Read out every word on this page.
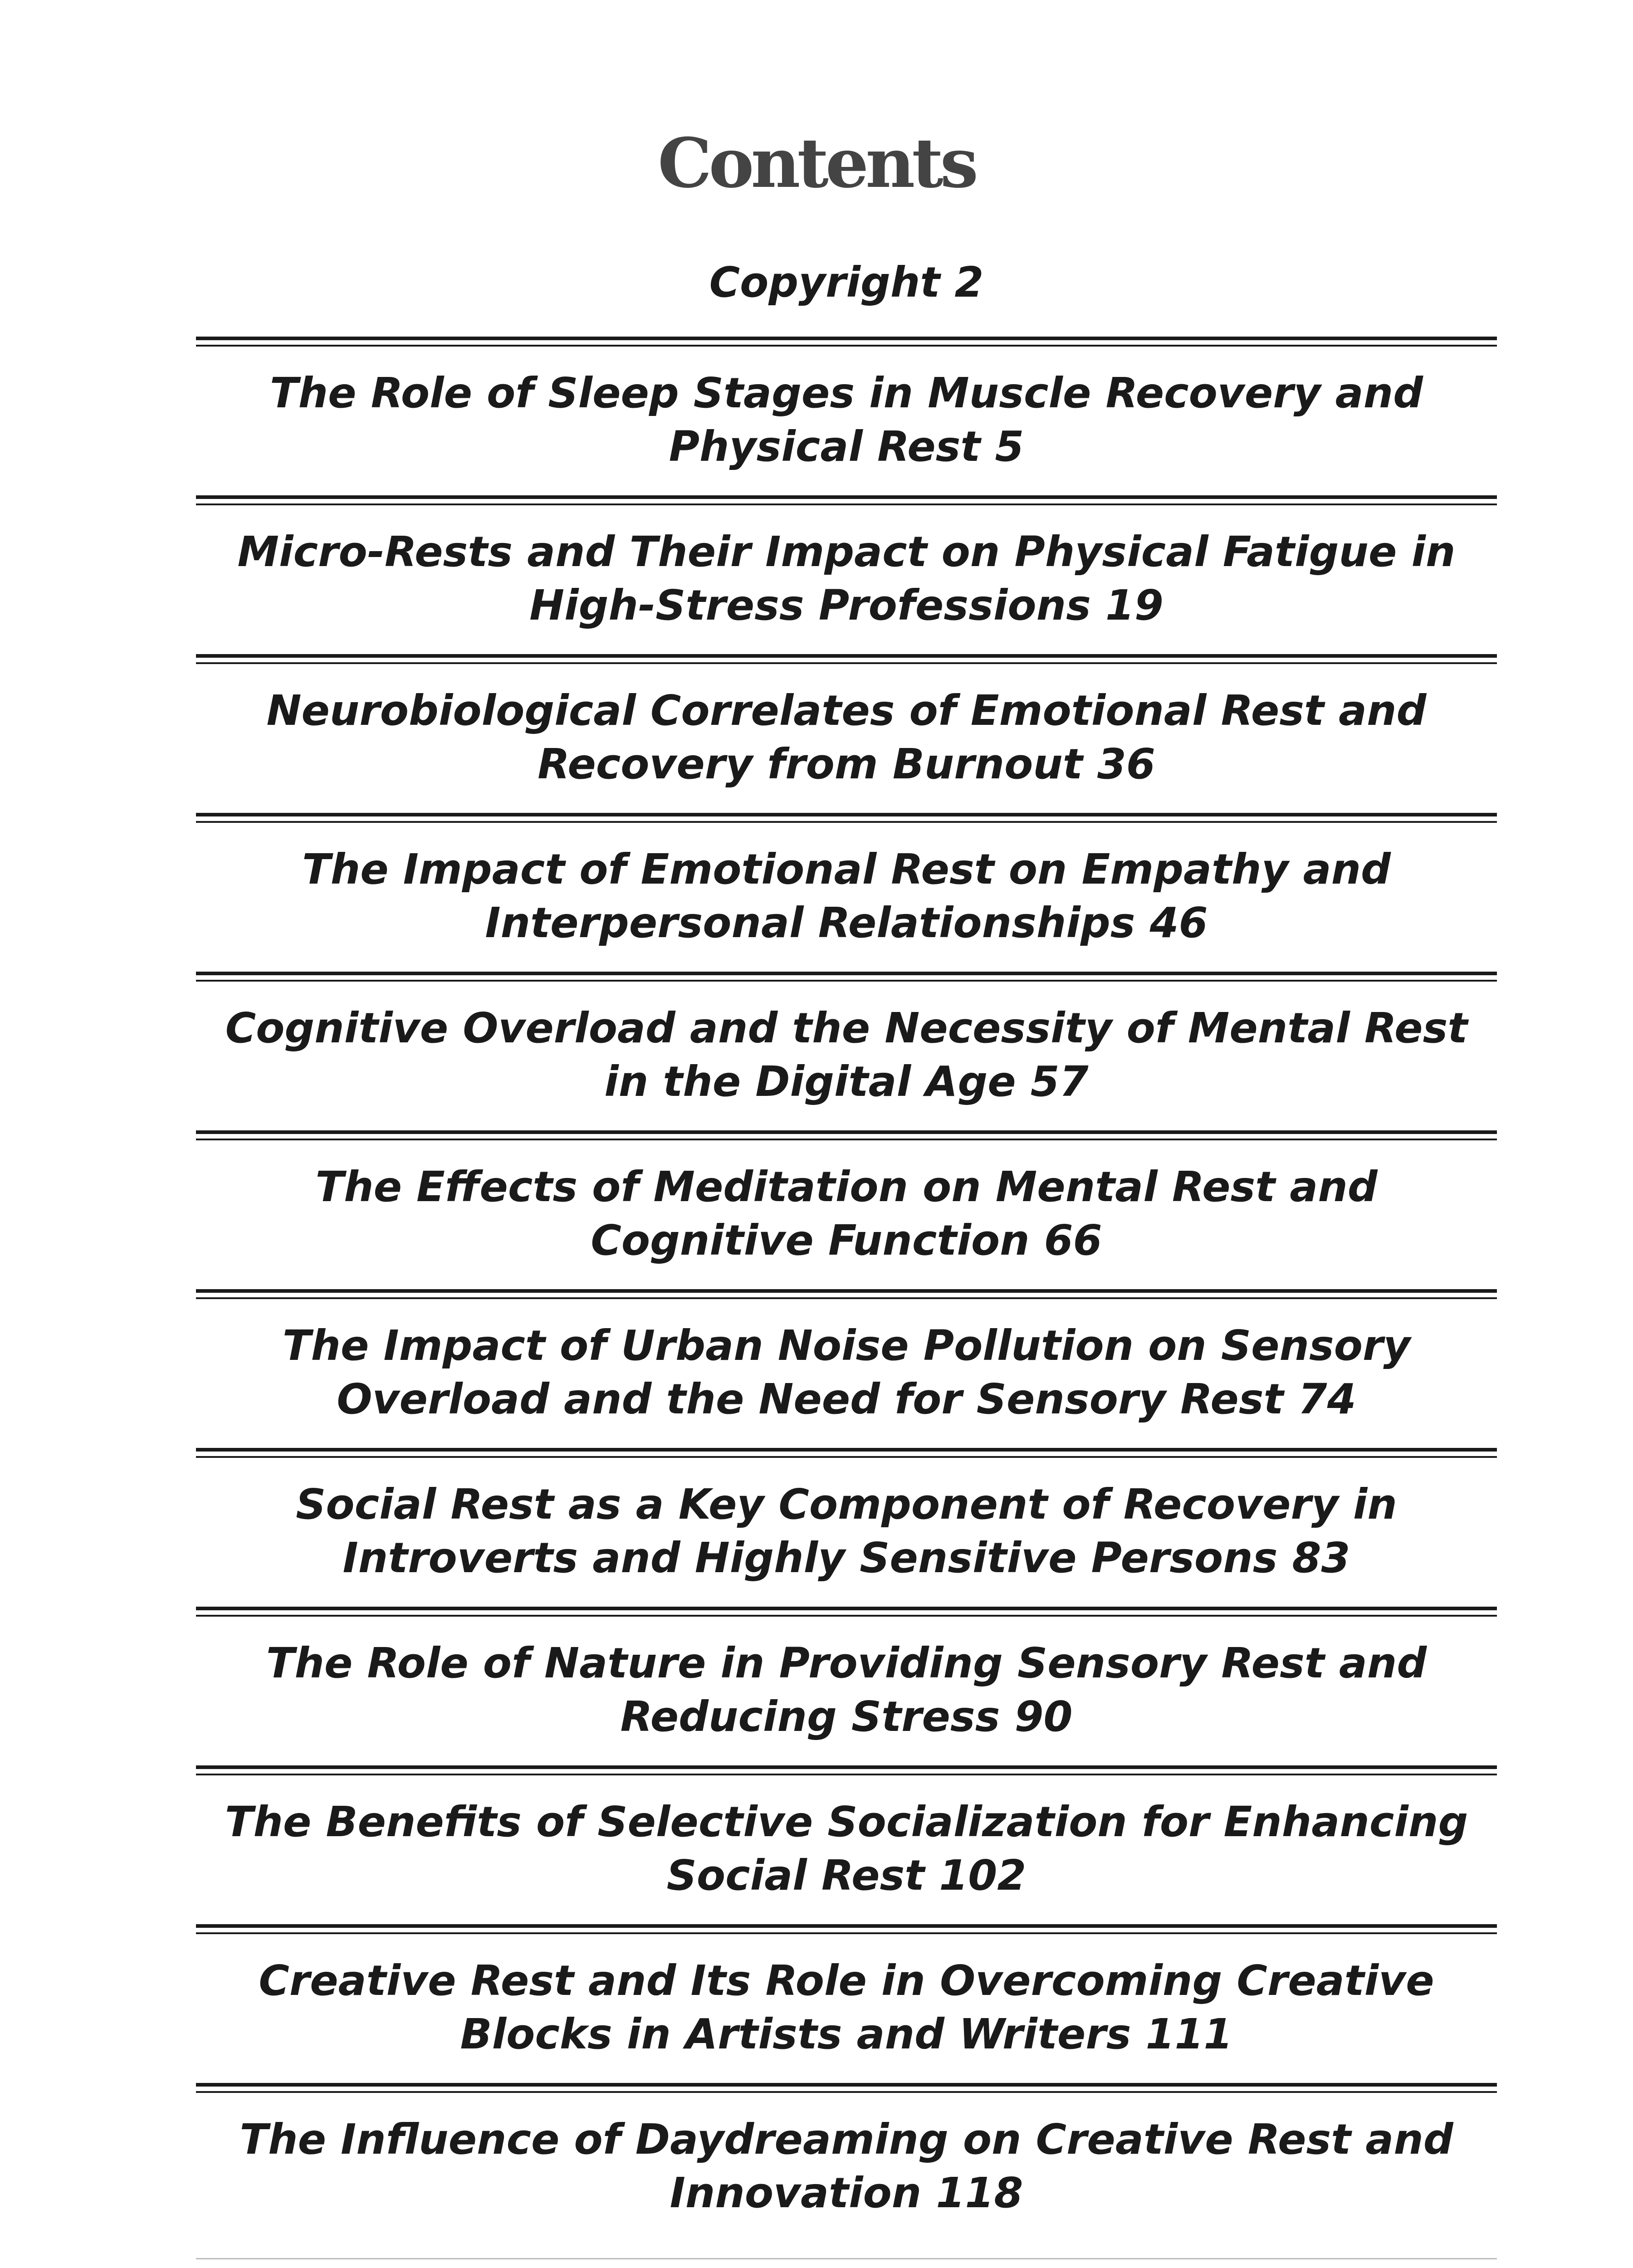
Contents
Copyright 2
The Role of Sleep Stages in Muscle Recovery and Physical Rest 5
Micro-Rests and Their Impact on Physical Fatigue in High-Stress Professions 19
Neurobiological Correlates of Emotional Rest and Recovery from Burnout 36
The Impact of Emotional Rest on Empathy and Interpersonal Relationships 46
Cognitive Overload and the Necessity of Mental Rest in the Digital Age 57
The Effects of Meditation on Mental Rest and Cognitive Function 66
The Impact of Urban Noise Pollution on Sensory Overload and the Need for Sensory Rest 74
Social Rest as a Key Component of Recovery in Introverts and Highly Sensitive Persons 83
The Role of Nature in Providing Sensory Rest and Reducing Stress 90
The Benefits of Selective Socialization for Enhancing Social Rest 102
Creative Rest and Its Role in Overcoming Creative Blocks in Artists and Writers 111
The Influence of Daydreaming on Creative Rest and Innovation 118
